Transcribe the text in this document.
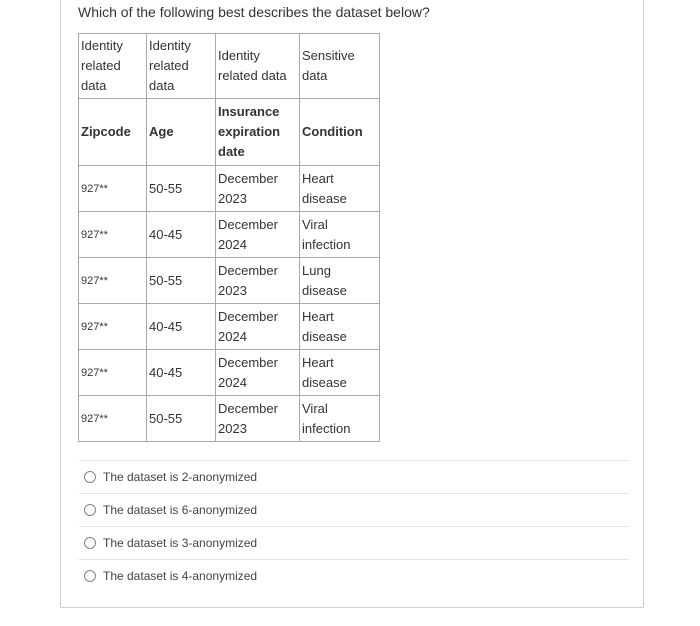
Which of the following best describes the dataset below?
Identity related data	Identity related data	Identity related data	Sensitive data
Zipcode	Age	Insurance expiration date	Condition
927**	50-55	December 2023	Heart disease
927**	40-45	December 2024	Viral infection
927**	50-55	December 2023	Lung disease
927**	40-45	December 2024	Heart disease
927**	40-45	December 2024	Heart disease
927**	50-55	December 2023	Viral infection
The dataset is 2-anonymized
The dataset is 6-anonymized
The dataset is 3-anonymized
The dataset is 4-anonymized
